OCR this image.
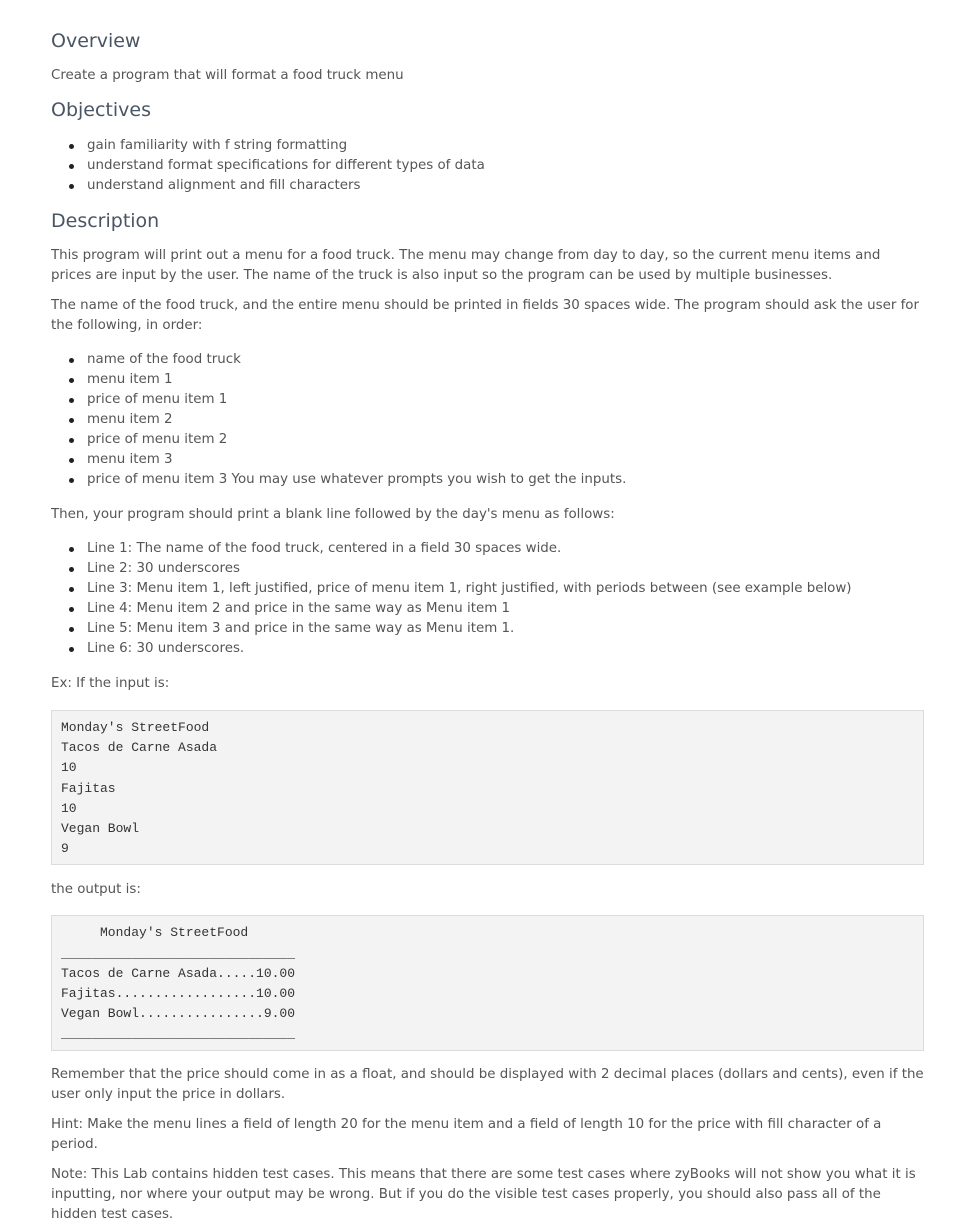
Overview

Create a program that will format a food truck menu

Objectives
gain familiarity with f string formatting
understand format specifications for different types of data
understand alignment and fill characters
Description

This program will print out a menu for a food truck. The menu may change from day to day, so the current menu items and prices are input by the user. The name of the truck is also input so the program can be used by multiple businesses.

The name of the food truck, and the entire menu should be printed in fields 30 spaces wide. The program should ask the user for the following, in order:

name of the food truck
menu item 1
price of menu item 1
menu item 2
price of menu item 2
menu item 3
price of menu item 3 You may use whatever prompts you wish to get the inputs.

Then, your program should print a blank line followed by the day's menu as follows:

Line 1: The name of the food truck, centered in a field 30 spaces wide.
Line 2: 30 underscores
Line 3: Menu item 1, left justified, price of menu item 1, right justified, with periods between (see example below)
Line 4: Menu item 2 and price in the same way as Menu item 1
Line 5: Menu item 3 and price in the same way as Menu item 1.
Line 6: 30 underscores.

Ex: If the input is:

Monday's StreetFood
Tacos de Carne Asada
10
Fajitas
10
Vegan Bowl
9

the output is:

Monday's StreetFood
______________________________
Tacos de Carne Asada.....10.00
Fajitas..................10.00
Vegan Bowl................9.00
______________________________

Remember that the price should come in as a float, and should be displayed with 2 decimal places (dollars and cents), even if the user only input the price in dollars.

Hint: Make the menu lines a field of length 20 for the menu item and a field of length 10 for the price with fill character of a period.

Note: This Lab contains hidden test cases. This means that there are some test cases where zyBooks will not show you what it is inputting, nor where your output may be wrong. But if you do the visible test cases properly, you should also pass all of the hidden test cases.
